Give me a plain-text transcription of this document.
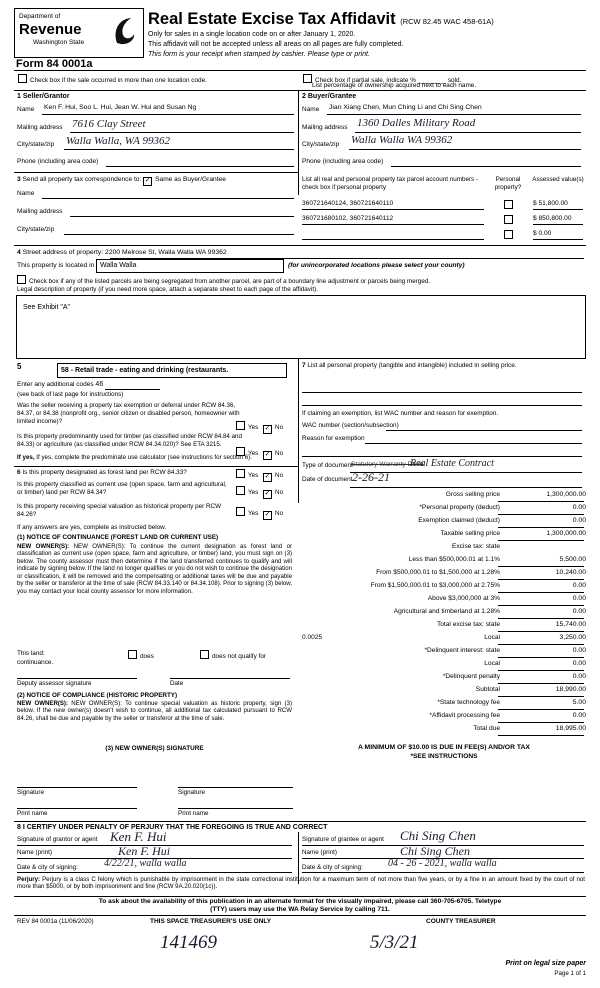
Department of
Revenue
Washington State
Form 84 0001a
Real Estate Excise Tax Affidavit (RCW 82.45 WAC 458-61A)
Only for sales in a single location code on or after January 1, 2020.
This affidavit will not be accepted unless all areas on all pages are fully completed.
This form is your receipt when stamped by cashier. Please type or print.
Check box if the sale occurred in more than one location code.	Check box if partial sale, indicate % ________ sold.
List percentage of ownership acquired next to each name.
1 Seller/Grantor
Name Ken F. Hui, Soo L. Hui, Jean W. Hui and Susan Ng
Mailing address 7616 Clay Street
City/state/zip Walla Walla, WA 99362
Phone (including area code)
2 Buyer/Grantee
Name Jian Xiang Chen, Mun Ching Li and Chi Sing Chen
Mailing address 1360 Dalles Military Road
City/state/zip Walla Walla WA 99362
Phone (including area code)
3 Send all property tax correspondence to: ✓ Same as Buyer/Grantee
Name
Mailing address
City/state/zip
List all real and personal property tax parcel account numbers - check box if personal property
Personal property?
Assessed value(s)
360721640124, 360721640110	$ 51,800.00
360721680102, 360721640112	$ 850,800.00
$ 0.00
4 Street address of property: 2200 Melrose St, Walla Walla WA 99362
This property is located in Walla Walla	(for unincorporated locations please select your county)
Check box if any of the listed parcels are being segregated from another parcel, are part of a boundary line adjustment or parcels being merged.
Legal description of property (if you need more space, attach a separate sheet to each page of the affidavit).
See Exhibit "A"
5	58 - Retail trade - eating and drinking (restaurants.
Enter any additional codes 46
(see back of last page for instructions)
Was the seller receiving a property tax exemption or deferral under RCW 84.36, 84.37, or 84.38 (nonprofit org., senior citizen or disabled person, homeowner with limited income)?
Yes ✓	No
Is this property predominantly used for timber (as classified under RCW 84.84 and 84.33) or agriculture (as classified under RCW 84.34.020)? See ETA 3215.
Yes ✓	No
If yes, If yes, complete the predominate use calculator (see instructions for section 6).
6 Is this property designated as forest land per RCW 84.33?	Yes ✓	No
Is this property classified as current use (open space, farm and agricultural, or timber) land per RCW 84.34?	Yes ✓	No
Is this property receiving special valuation as historical property per RCW 84.26?	Yes ✓	No
If any answers are yes, complete as instructed below.
(1) NOTICE OF CONTINUANCE (FOREST LAND OR CURRENT USE)
NEW OWNER(S): NEW OWNER(S): To continue the current designation as forest land or classification as current use (open space, farm and agriculture, or timber) land, you must sign on (3) below. The county assessor must then determine if the land transferred continues to qualify and will indicate by signing below. If the land no longer qualifies or you do not wish to continue the designation or classification, it will be removed and the compensating or additional taxes will be due and payable by the seller or transferor at the time of sale (RCW 84.33.140 or 84.34.108). Prior to signing (3) below, you may contact your local county assessor for more information.
This land:	does	does not qualify for
continuance.
Deputy assessor signature	Date
(2) NOTICE OF COMPLIANCE (HISTORIC PROPERTY)
NEW OWNER(S): NEW OWNER(S): To continue special valuation as historic property, sign (3) below. If the new owner(s) doesn't wish to continue, all additional tax calculated pursuant to RCW 84.26, shall be due and payable by the seller or transferor at the time of sale.
(3) NEW OWNER(S) SIGNATURE
Signature	Signature
Print name	Print name
7 List all personal property (tangible and intangible) included in selling price.
If claiming an exemption, list WAC number and reason for exemption.
WAC number (section/subsection)
Reason for exemption
Type of document
Statutory Warranty Deed
Real Estate Contract
Date of document 2-26-21
Gross selling price	1,300,000.00
*Personal property (deduct)	0.00
Exemption claimed (deduct)	0.00
Taxable selling price	1,300,000.00
Excise tax: state
Less than $500,000.01 at 1.1%	5,500.00
From $500,000.01 to $1,500,000 at 1.28%	10,240.00
From $1,500,000.01 to $3,000,000 at 2.75%	0.00
Above $3,000,000 at 3%	0.00
Agricultural and timberland at 1.28%	0.00
Total excise tax: state	15,740.00
0.0025	Local	3,250.00
*Delinquent interest: state	0.00
Local	0.00
*Delinquent penalty	0.00
Subtotal	18,990.00
*State technology fee	5.00
*Affidavit processing fee	0.00
Total due	18,995.00
A MINIMUM OF $10.00 IS DUE IN FEE(S) AND/OR TAX
*SEE INSTRUCTIONS
8 I CERTIFY UNDER PENALTY OF PERJURY THAT THE FOREGOING IS TRUE AND CORRECT
Signature of grantor or agent Ken F. Hui	Signature of grantee or agent Chi Sing Chen
Name (print)	Ken F. Hui	Name (print)	Chi Sing Chen
Date & city of signing:	4/22/21, walla walla	Date & city of signing:	04 - 26 - 2021, walla walla
Perjury: Perjury is a class C felony which is punishable by imprisonment in the state correctional institution for a maximum term of not more than five years, or by a fine in an amount fixed by the court of not more than $5000, or by both imprisonment and fine (RCW 9A.20.020(1c)).
To ask about the availability of this publication in an alternate format for the visually impaired, please call 360-705-6705. Teletype
(TTY) users may use the WA Relay Service by calling 711.
REV 84 0001a (11/06/2020)	THIS SPACE TREASURER'S USE ONLY	COUNTY TREASURER
141469	5/3/21
Print on legal size paper
Page 1 of 1
